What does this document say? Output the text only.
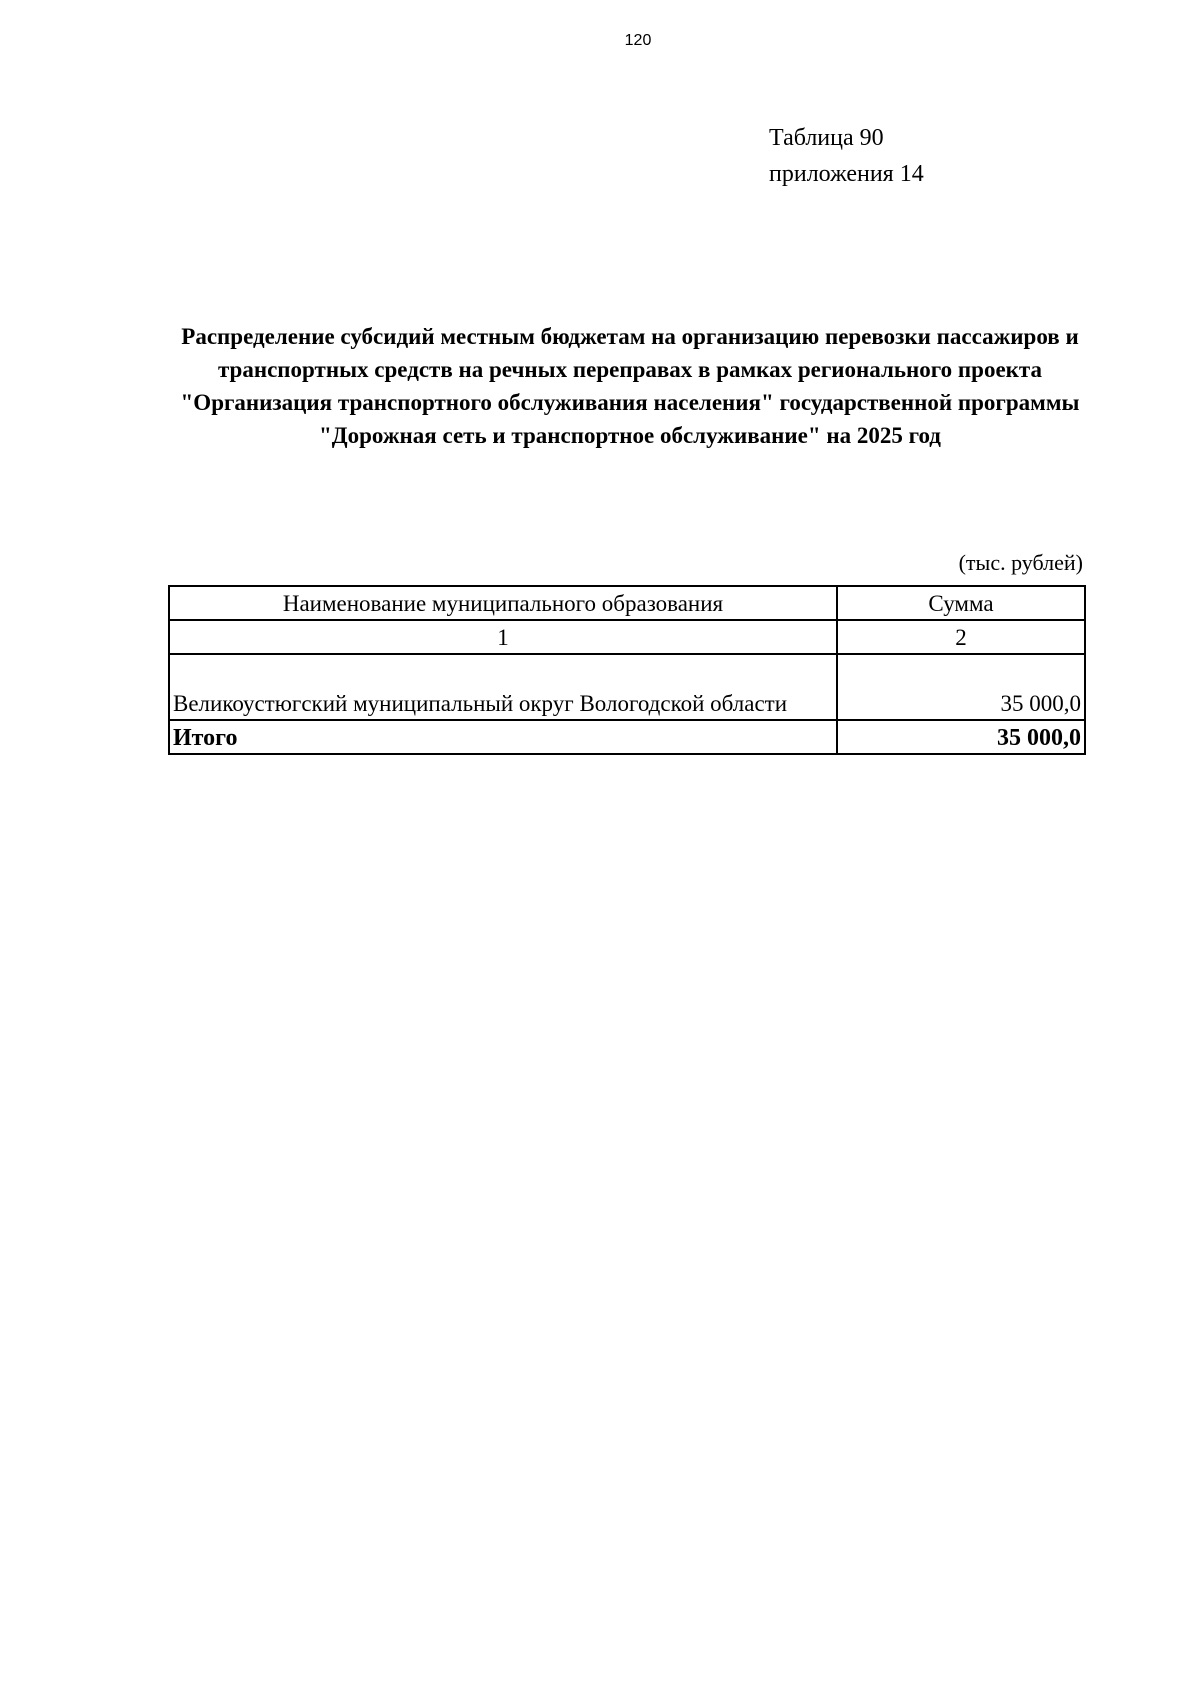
120
Таблица 90
приложения 14
Распределение субсидий местным бюджетам на организацию перевозки пассажиров и транспортных средств на речных переправах в рамках регионального проекта "Организация транспортного обслуживания населения" государственной программы "Дорожная сеть и транспортное обслуживание" на 2025 год
(тыс. рублей)
Наименование муниципального образования	Сумма
1	2
Великоустюгский муниципальный округ Вологодской области	35 000,0
Итого	35 000,0
